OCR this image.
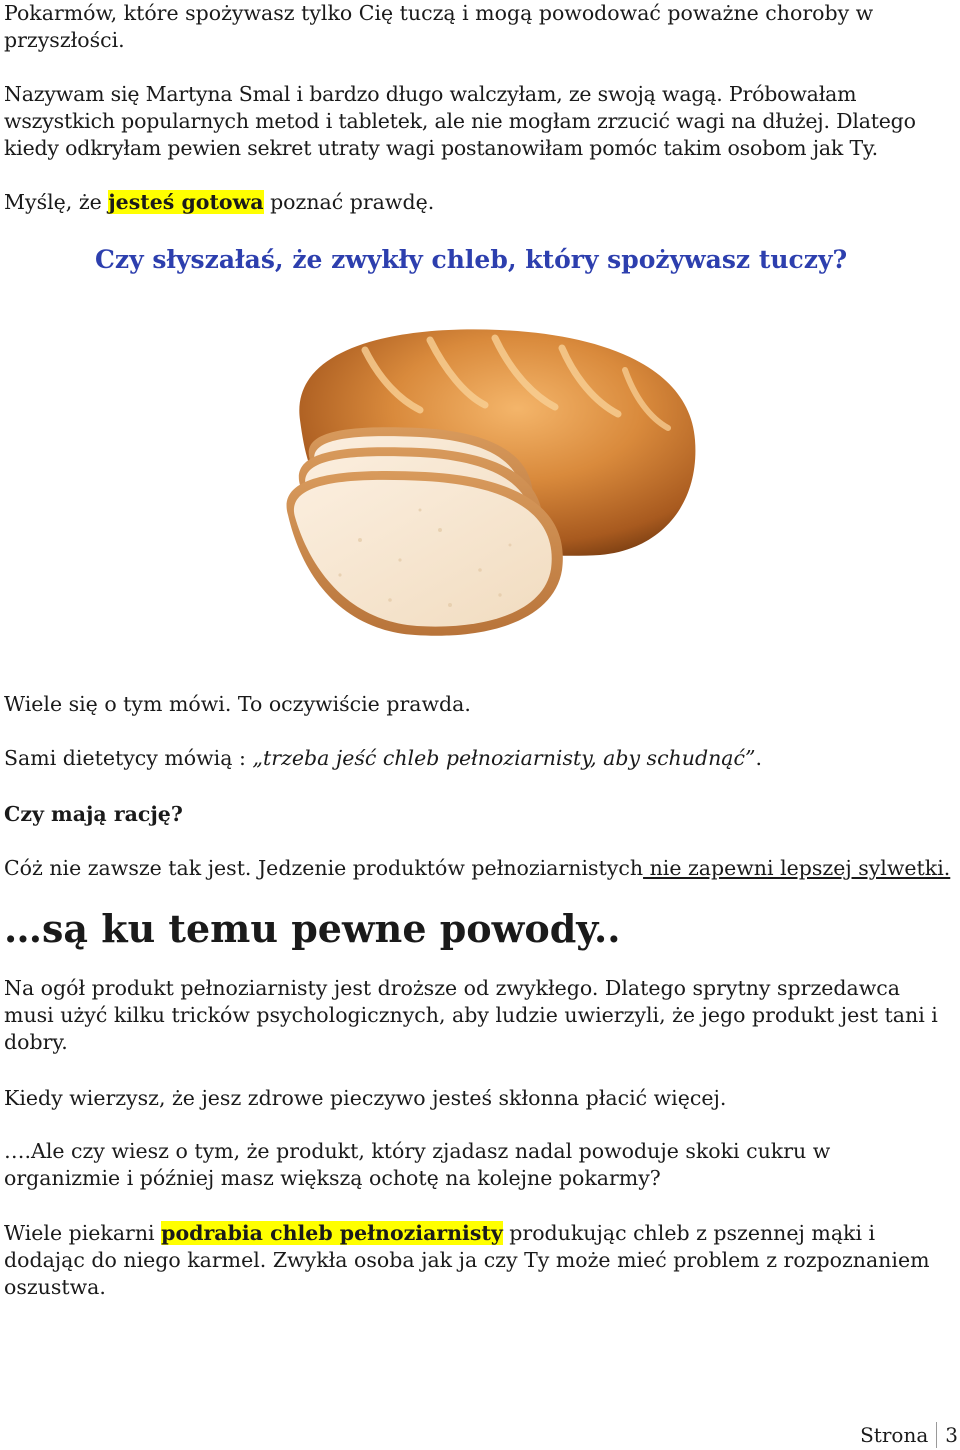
Pokarmów, które spożywasz tylko Cię tuczą i mogą powodować poważne choroby w przyszłości.

Nazywam się Martyna Smal i bardzo długo walczyłam, ze swoją wagą. Próbowałam wszystkich popularnych metod i tabletek, ale nie mogłam zrzucić wagi na dłużej. Dlatego kiedy odkryłam pewien sekret utraty wagi postanowiłam pomóc takim osobom jak Ty.

Myślę, że jesteś gotowa poznać prawdę.

Czy słyszałaś, że zwykły chleb, który spożywasz tuczy?

Wiele się o tym mówi. To oczywiście prawda.

Sami dietetycy mówią : „trzeba jeść chleb pełnoziarnisty, aby schudnąć”.

Czy mają rację?

Cóż nie zawsze tak jest. Jedzenie produktów pełnoziarnistych nie zapewni lepszej sylwetki.

…są ku temu pewne powody..

Na ogół produkt pełnoziarnisty jest droższe od zwykłego. Dlatego sprytny sprzedawca musi użyć kilku tricków psychologicznych, aby ludzie uwierzyli, że jego produkt jest tani i dobry.

Kiedy wierzysz, że jesz zdrowe pieczywo jesteś skłonna płacić więcej.

….Ale czy wiesz o tym, że produkt, który zjadasz nadal powoduje skoki cukru w organizmie i później masz większą ochotę na kolejne pokarmy?

Wiele piekarni podrabia chleb pełnoziarnisty produkując chleb z pszennej mąki i dodając do niego karmel. Zwykła osoba jak ja czy Ty może mieć problem z rozpoznaniem oszustwa.

Strona 3
